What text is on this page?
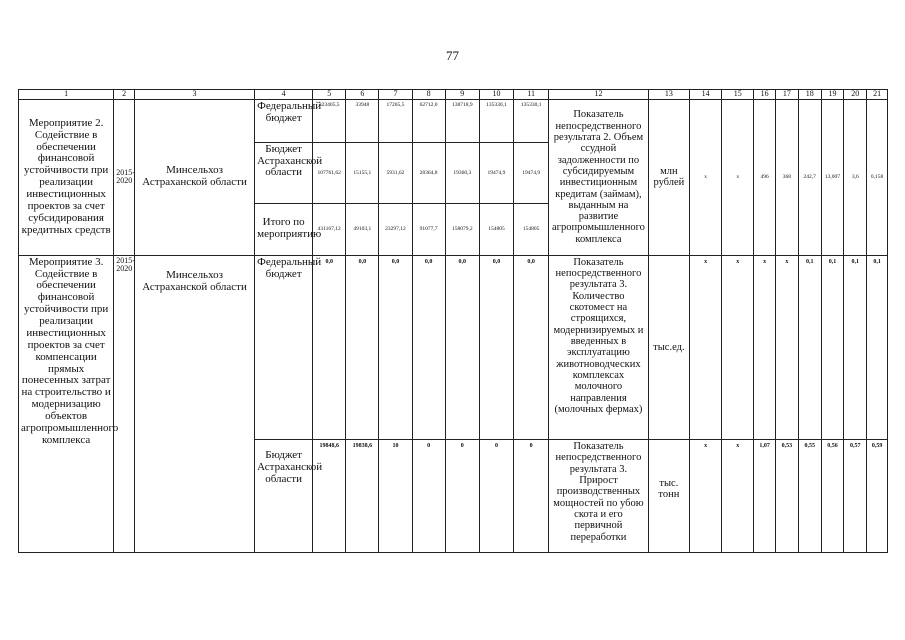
77
1	2	3	4	5	6	7	8	9	10	11	12	13	14	15	16	17	18	19	20	21
Мероприятие 2. Содействие в обеспечении финансовой устойчивости при реализации инвестиционных проектов за счет субсидирования кредитных средств	2015-2020	Минсельхоз Астраханской области	Федеральный бюджет	323405,5	33948	17265,5	62712,0	138718,9	135330,1	135330,1	Показатель непосредственного результата 2. Объем ссудной задолженности по субсидируемым инвестиционным кредитам (займам), выданным на развитие агропромышленного комплекса	млн рублей	x	x	496	368	242,7	13,007	3,6	0,158
			Бюджет Астраханской области	107761,62	15155,1	5931,62	28364,8	19360,3	19474,9	19474,9										
			Итого по мероприятию	431167,12	49103,1	23297,12	91077,7	158079,2	154805	154805										
Мероприятие 3. Содействие в обеспечении финансовой устойчивости при реализации инвестиционных проектов за счет компенсации прямых понесенных затрат на строительство и модернизацию объектов агропромышленного комплекса	2015-2020	Минсельхоз Астраханской области	Федеральный бюджет	0,0	0,0	0,0	0,0	0,0	0,0	0,0	Показатель непосредственного результата 3. Количество скотомест на строящихся, модернизируемых и введенных в эксплуатацию животноводческих комплексах молочного направления (молочных фермах)	тыс.ед.	x	x	x	x	0,1	0,1	0,1	0,1
			Бюджет Астраханской области	19848,6	19838,6	10	0	0	0	0	Показатель непосредственного результата 3. Прирост производственных мощностей по убою скота и его первичной переработки	тыс. тонн	x	x	1,07	0,53	0,55	0,56	0,57	0,59
